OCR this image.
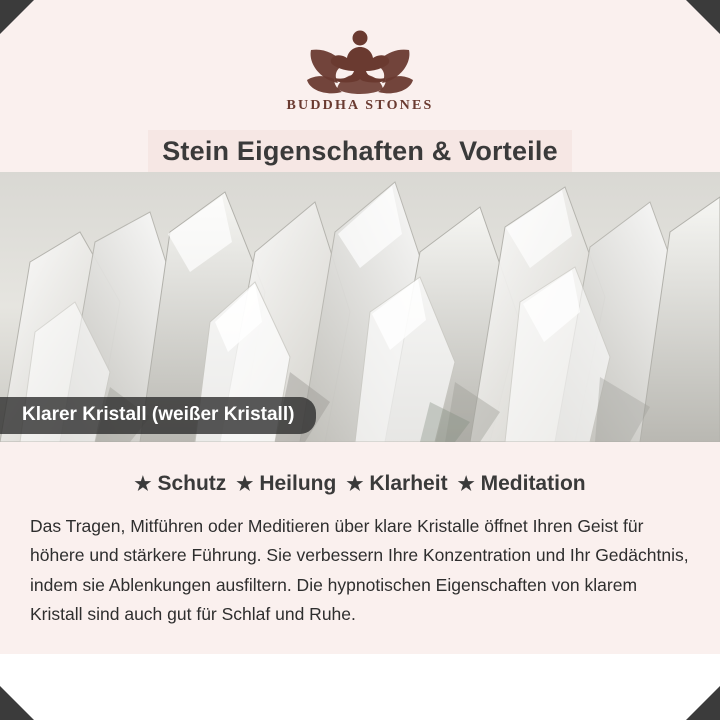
BUDDHA STONES
Stein Eigenschaften & Vorteile
Klarer Kristall (weißer Kristall)
★ Schutz ★ Heilung ★ Klarheit ★ Meditation
Das Tragen, Mitführen oder Meditieren über klare Kristalle öffnet Ihren Geist für höhere und stärkere Führung. Sie verbessern Ihre Konzentration und Ihr Gedächtnis, indem sie Ablenkungen ausfiltern. Die hypnotischen Eigenschaften von klarem Kristall sind auch gut für Schlaf und Ruhe.
